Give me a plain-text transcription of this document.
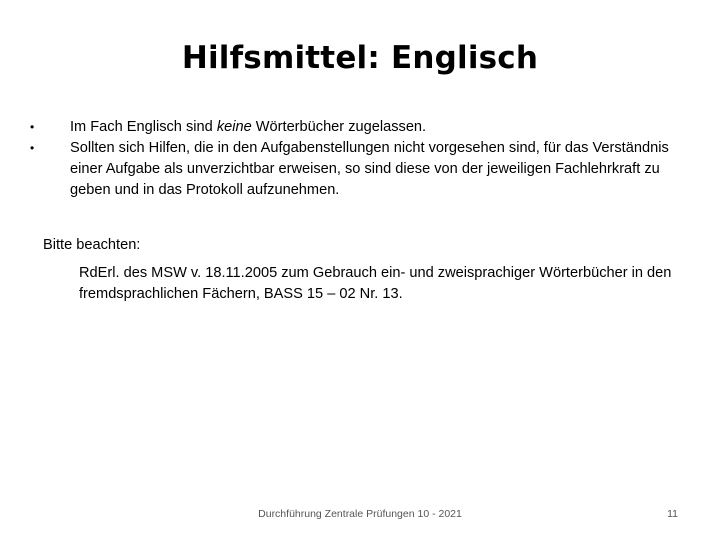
Hilfsmittel: Englisch
• Im Fach Englisch sind keine Wörterbücher zugelassen.
• Sollten sich Hilfen, die in den Aufgabenstellungen nicht vorgesehen sind, für das Verständnis einer Aufgabe als unverzichtbar erweisen, so sind diese von der jeweiligen Fachlehrkraft zu geben und in das Protokoll aufzunehmen.
Bitte beachten:
RdErl. des MSW v. 18.11.2005 zum Gebrauch ein- und zweisprachiger Wörterbücher in den fremdsprachlichen Fächern, BASS 15 – 02 Nr. 13.
Durchführung Zentrale Prüfungen 10 - 2021	11
